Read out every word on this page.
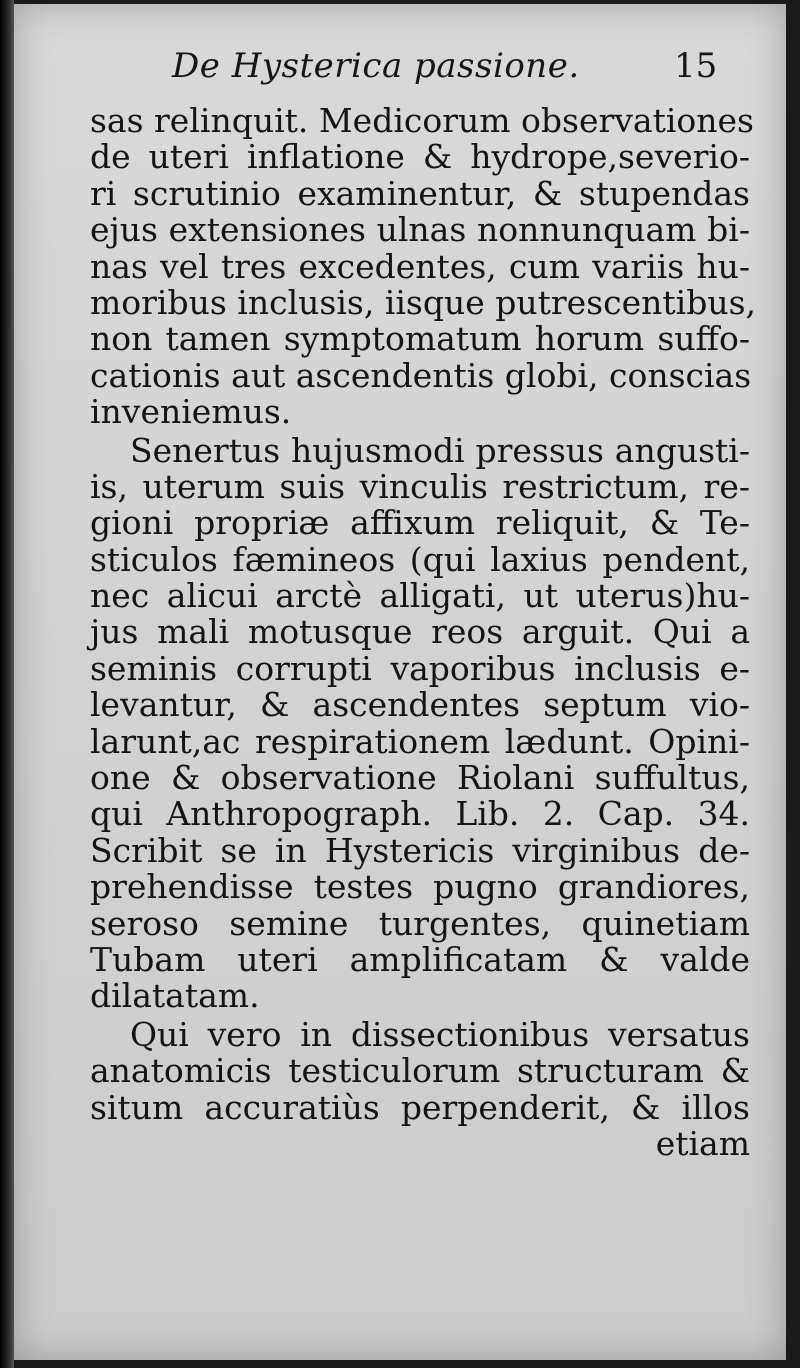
De Hysterica passione.	15
sas relinquit. Medicorum observationes
de uteri inflatione & hydrope,severio-
ri scrutinio examinentur, & stupendas
ejus extensiones ulnas nonnunquam bi-
nas vel tres excedentes, cum variis hu-
moribus inclusis, iisque putrescentibus,
non tamen symptomatum horum suffo-
cationis aut ascendentis globi, conscias
inveniemus.
Senertus hujusmodi pressus angusti-
is, uterum suis vinculis restrictum, re-
gioni propriæ affixum reliquit, & Te-
sticulos fæmineos (qui laxius pendent,
nec alicui arctè alligati, ut uterus)hu-
jus mali motusque reos arguit. Qui a
seminis corrupti vaporibus inclusis e-
levantur, & ascendentes septum vio-
larunt,ac respirationem lædunt. Opini-
one & observatione Riolani suffultus,
qui Anthropograph. Lib. 2. Cap. 34.
Scribit se in Hystericis virginibus de-
prehendisse testes pugno grandiores,
seroso semine turgentes, quinetiam
Tubam uteri amplificatam & valde
dilatatam.
Qui vero in dissectionibus versatus
anatomicis testiculorum structuram &
situm accuratiùs perpenderit, & illos
etiam
